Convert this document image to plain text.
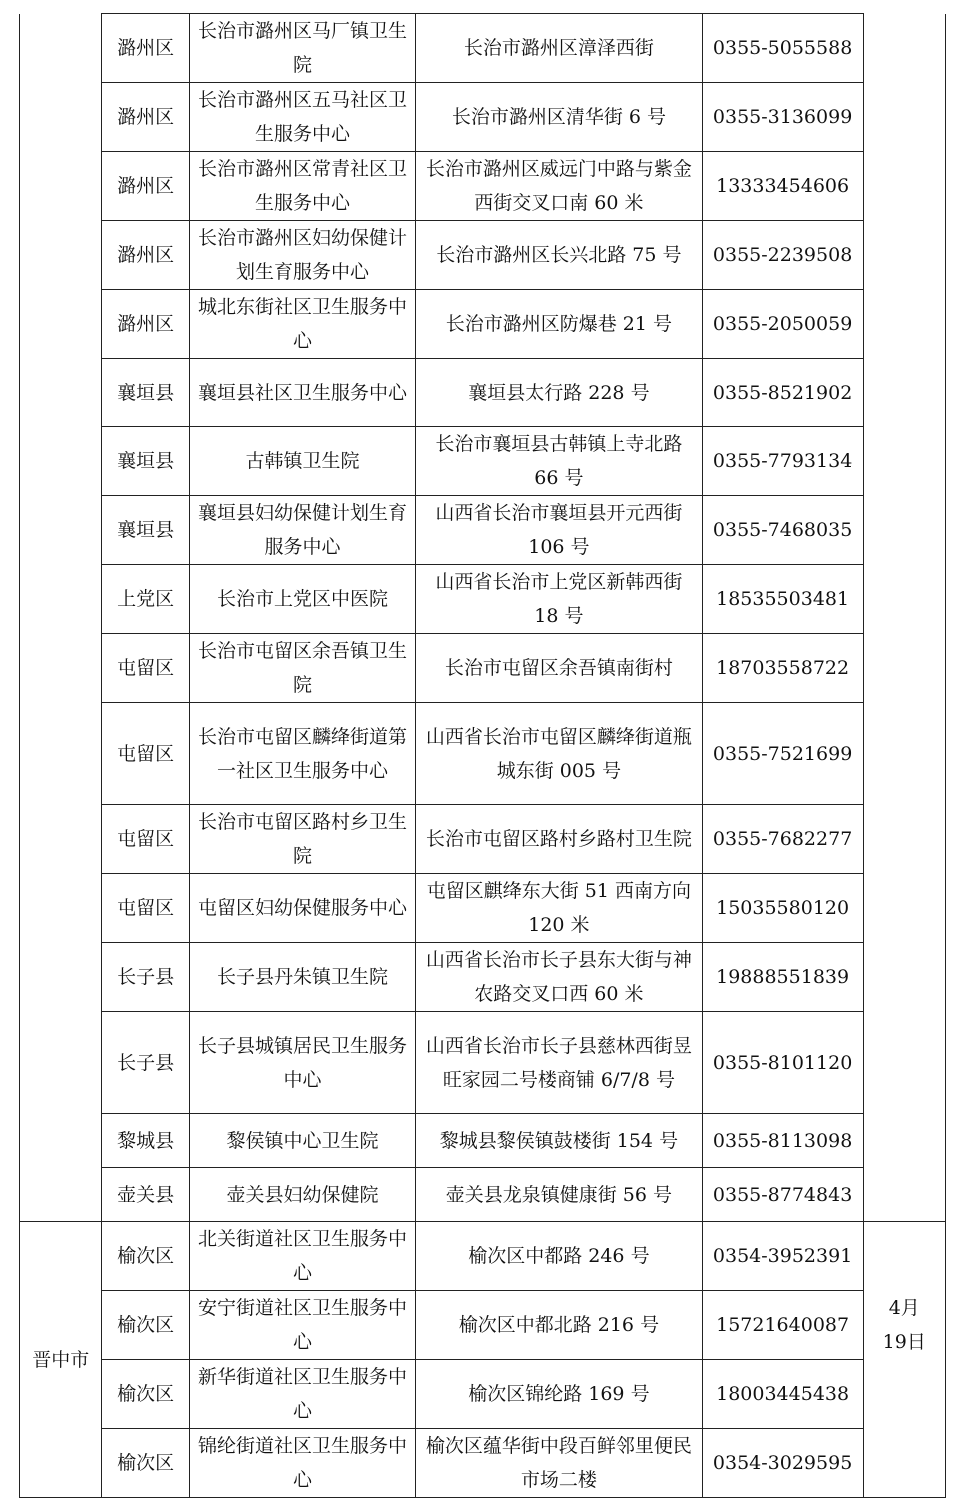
	潞州区	长治市潞州区马厂镇卫生院	长治市潞州区漳泽西街	0355-5055588	
	潞州区	长治市潞州区五马社区卫生服务中心	长治市潞州区清华街 6 号	0355-3136099	
	潞州区	长治市潞州区常青社区卫生服务中心	长治市潞州区威远门中路与紫金西街交叉口南 60 米	13333454606	
	潞州区	长治市潞州区妇幼保健计划生育服务中心	长治市潞州区长兴北路 75 号	0355-2239508	
	潞州区	城北东街社区卫生服务中心	长治市潞州区防爆巷 21 号	0355-2050059	
	襄垣县	襄垣县社区卫生服务中心	襄垣县太行路 228 号	0355-8521902	
	襄垣县	古韩镇卫生院	长治市襄垣县古韩镇上寺北路 66 号	0355-7793134	
	襄垣县	襄垣县妇幼保健计划生育服务中心	山西省长治市襄垣县开元西街 106 号	0355-7468035	
	上党区	长治市上党区中医院	山西省长治市上党区新韩西街 18 号	18535503481	
	屯留区	长治市屯留区余吾镇卫生院	长治市屯留区余吾镇南街村	18703558722	
	屯留区	长治市屯留区麟绛街道第一社区卫生服务中心	山西省长治市屯留区麟绛街道瓶城东街 005 号	0355-7521699	
	屯留区	长治市屯留区路村乡卫生院	长治市屯留区路村乡路村卫生院	0355-7682277	
	屯留区	屯留区妇幼保健服务中心	屯留区麒绛东大街 51 西南方向 120 米	15035580120	
	长子县	长子县丹朱镇卫生院	山西省长治市长子县东大街与神农路交叉口西 60 米	19888551839	
	长子县	长子县城镇居民卫生服务中心	山西省长治市长子县慈林西街昱旺家园二号楼商铺 6/7/8 号	0355-8101120	
	黎城县	黎侯镇中心卫生院	黎城县黎侯镇鼓楼街 154 号	0355-8113098	
	壶关县	壶关县妇幼保健院	壶关县龙泉镇健康街 56 号	0355-8774843	
晋中市	榆次区	北关街道社区卫生服务中心	榆次区中都路 246 号	0354-3952391	
	榆次区	安宁街道社区卫生服务中心	榆次区中都北路 216 号	15721640087	4月19日
	榆次区	新华街道社区卫生服务中心	榆次区锦纶路 169 号	18003445438	
	榆次区	锦纶街道社区卫生服务中心	榆次区蕴华街中段百鲜邻里便民市场二楼	0354-3029595	
